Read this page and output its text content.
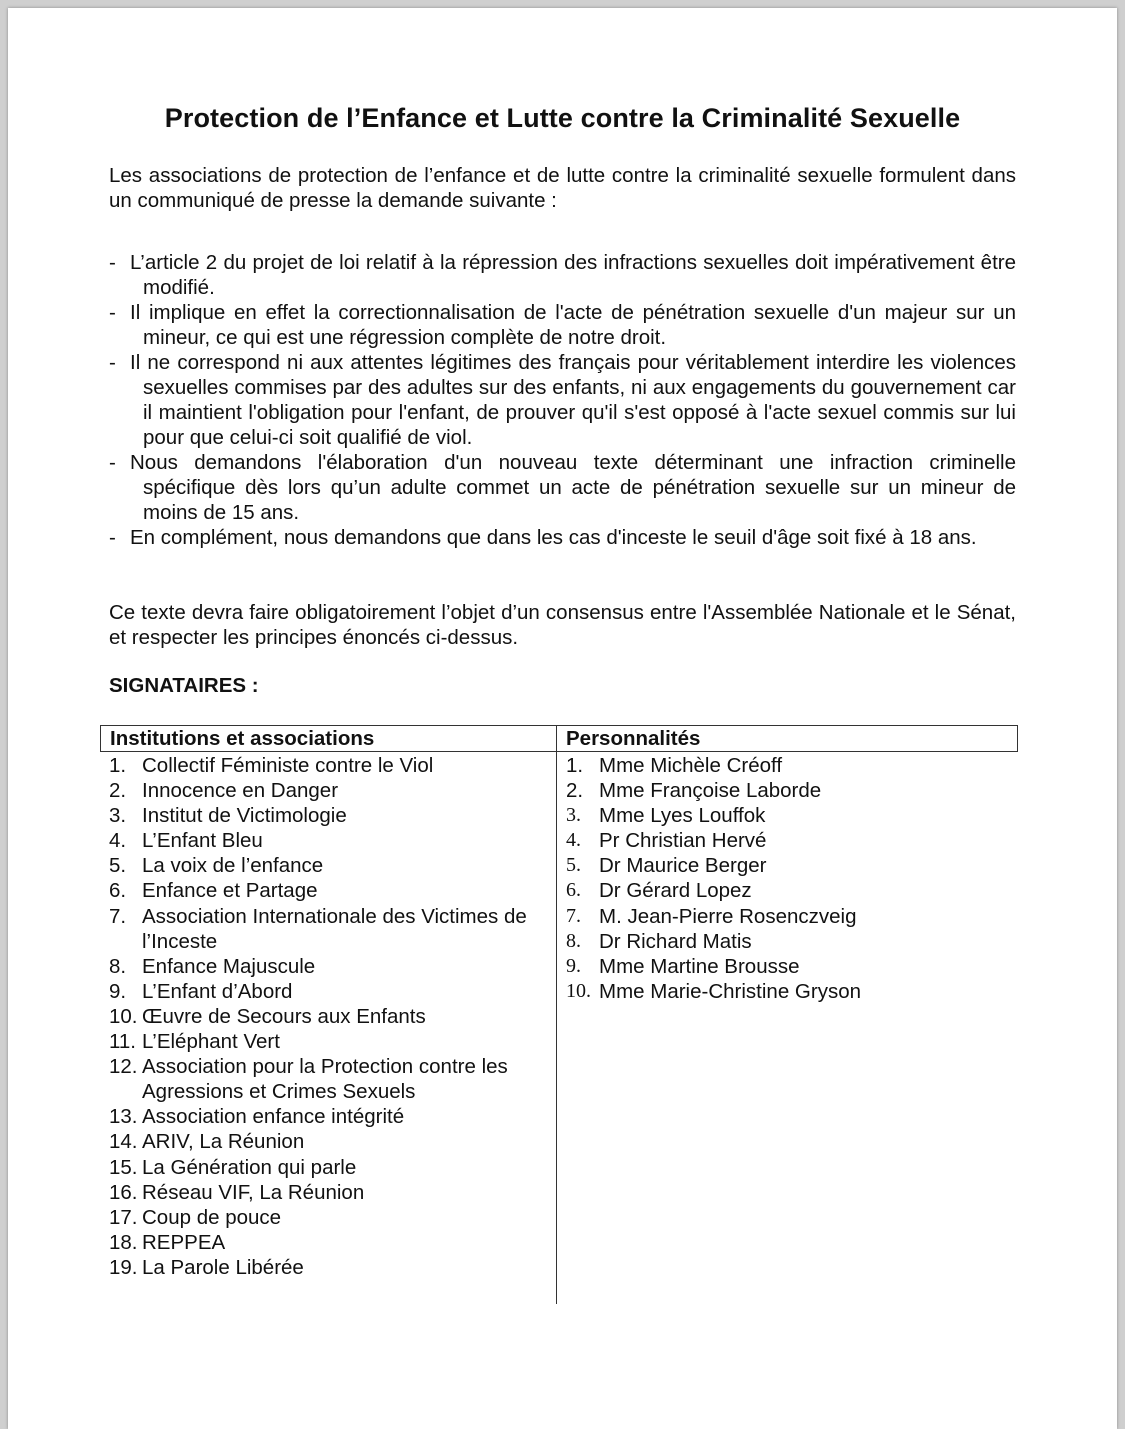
Protection de l’Enfance et Lutte contre la Criminalité Sexuelle
Les associations de protection de l’enfance et de lutte contre la criminalité sexuelle formulent dans un communiqué de presse la demande suivante :
- L’article 2 du projet de loi relatif à la répression des infractions sexuelles doit impérativement être modifié.
- Il implique en effet la correctionnalisation de l'acte de pénétration sexuelle d'un majeur sur un mineur, ce qui est une régression complète de notre droit.
- Il ne correspond ni aux attentes légitimes des français pour véritablement interdire les violences sexuelles commises par des adultes sur des enfants, ni aux engagements du gouvernement car il maintient l'obligation pour l'enfant, de prouver qu'il s'est opposé à l'acte sexuel commis sur lui pour que celui-ci soit qualifié de viol.
- Nous demandons l'élaboration d'un nouveau texte déterminant une infraction criminelle spécifique dès lors qu’un adulte commet un acte de pénétration sexuelle sur un mineur de moins de 15 ans.
- En complément, nous demandons que dans les cas d'inceste le seuil d'âge soit fixé à 18 ans.
Ce texte devra faire obligatoirement l’objet d’un consensus entre l'Assemblée Nationale et le Sénat, et respecter les principes énoncés ci-dessus.
SIGNATAIRES :
Institutions et associations	Personnalités
1. Collectif Féministe contre le Viol
2. Innocence en Danger
3. Institut de Victimologie
4. L’Enfant Bleu
5. La voix de l’enfance
6. Enfance et Partage
7. Association Internationale des Victimes de l’Inceste
8. Enfance Majuscule
9. L’Enfant d’Abord
10. Œuvre de Secours aux Enfants
11. L’Eléphant Vert
12. Association pour la Protection contre les Agressions et Crimes Sexuels
13. Association enfance intégrité
14. ARIV, La Réunion
15. La Génération qui parle
16. Réseau VIF, La Réunion
17. Coup de pouce
18. REPPEA
19. La Parole Libérée
1. Mme Michèle Créoff
2. Mme Françoise Laborde
3. Mme Lyes Louffok
4. Pr Christian Hervé
5. Dr Maurice Berger
6. Dr Gérard Lopez
7. M. Jean-Pierre Rosenczveig
8. Dr Richard Matis
9. Mme Martine Brousse
10. Mme Marie-Christine Gryson
